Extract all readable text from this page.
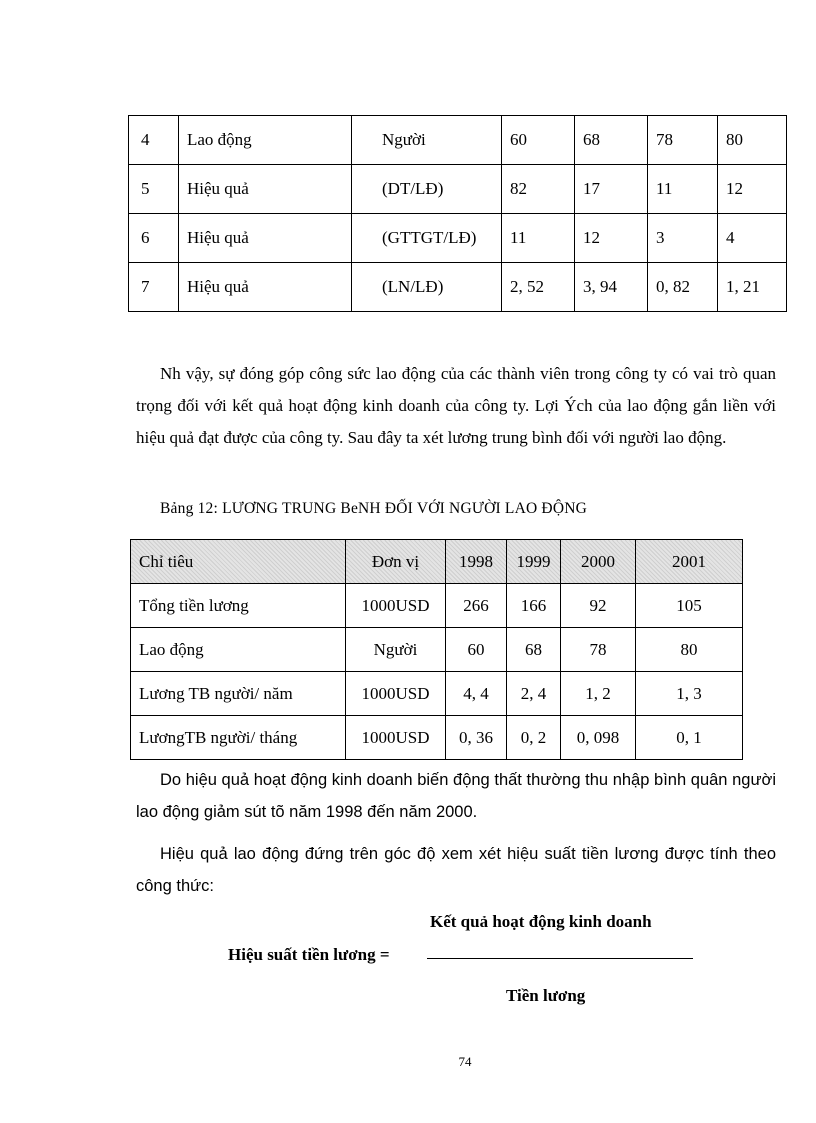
4	Lao động	Người	60	68	78	80
5	Hiệu quả	(DT/LĐ)	82	17	11	12
6	Hiệu quả	(GTTGT/LĐ)	11	12	3	4
7	Hiệu quả	(LN/LĐ)	2, 52	3, 94	0, 82	1, 21
Nh vậy, sự đóng góp công sức lao động của các thành viên trong công ty có vai trò quan trọng đối với kết quả hoạt động kinh doanh của công ty. Lợi Ých của lao động gắn liền với hiệu quả đạt được của công ty. Sau đây ta xét lương trung bình đối với người lao động.
Bảng 12: LƯƠNG TRUNG BeNH ĐỐI VỚI NGƯỜI LAO ĐỘNG
Chỉ tiêu	Đơn vị	1998	1999	2000	2001
Tổng tiền lương	1000USD	266	166	92	105
Lao động	Người	60	68	78	80
Lương TB người/ năm	1000USD	4, 4	2, 4	1, 2	1, 3
LươngTB người/ tháng	1000USD	0, 36	0, 2	0, 098	0, 1
Do hiệu quả hoạt động kinh doanh biến động thất thường thu nhập bình quân người lao động giảm sút tõ năm 1998 đến năm 2000.
Hiệu quả lao động đứng trên góc độ xem xét hiệu suất tiền lương được tính theo công thức:
Kết quả hoạt động kinh doanh
Hiệu suất tiền lương =
Tiền lương
74
